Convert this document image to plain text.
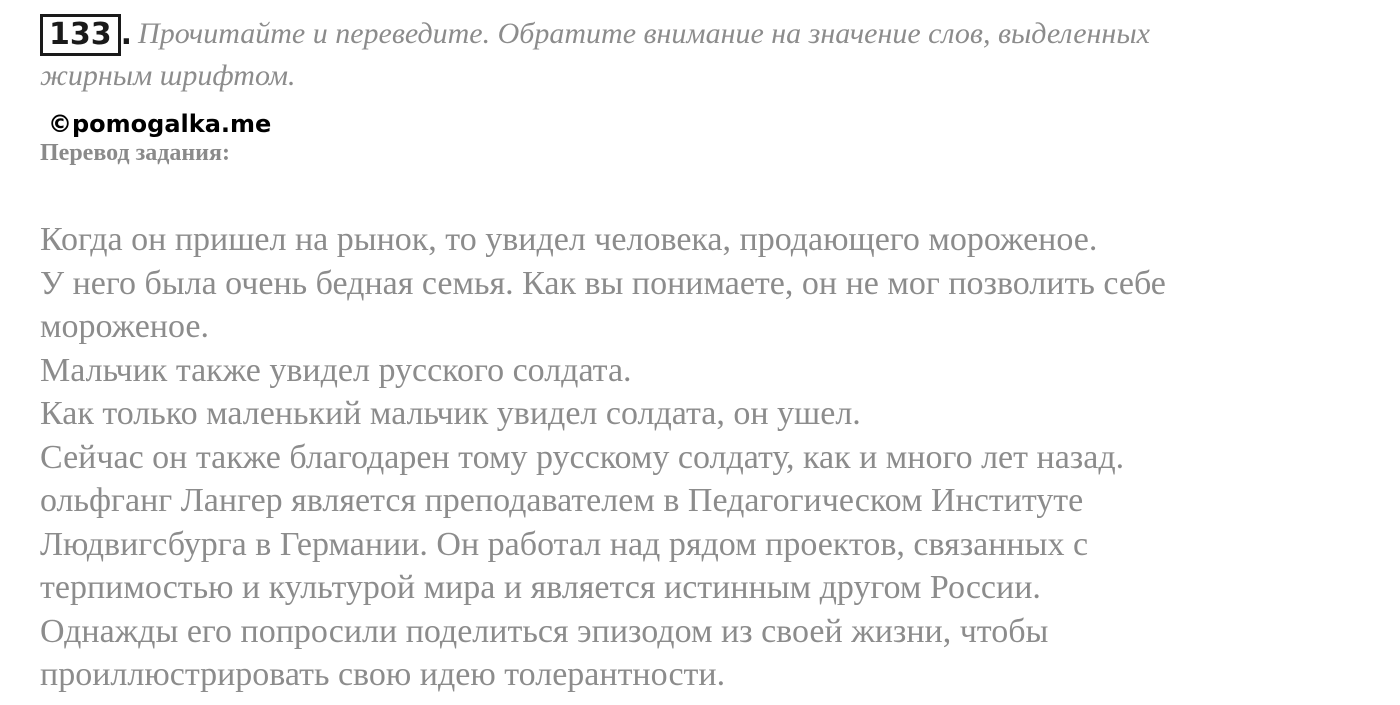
133 . Прочитайте и переведите. Обратите внимание на значение слов, выделенных
жирным шрифтом.
©pomogalka.me
Перевод задания:
Когда он пришел на рынок, то увидел человека, продающего мороженое.
У него была очень бедная семья. Как вы понимаете, он не мог позволить себе
мороженое.
Мальчик также увидел русского солдата.
Как только маленький мальчик увидел солдата, он ушел.
Сейчас он также благодарен тому русскому солдату, как и много лет назад.
ольфганг Лангер является преподавателем в Педагогическом Институте
Людвигсбурга в Германии. Он работал над рядом проектов, связанных с
терпимостью и культурой мира и является истинным другом России.
Однажды его попросили поделиться эпизодом из своей жизни, чтобы
проиллюстрировать свою идею толерантности.
